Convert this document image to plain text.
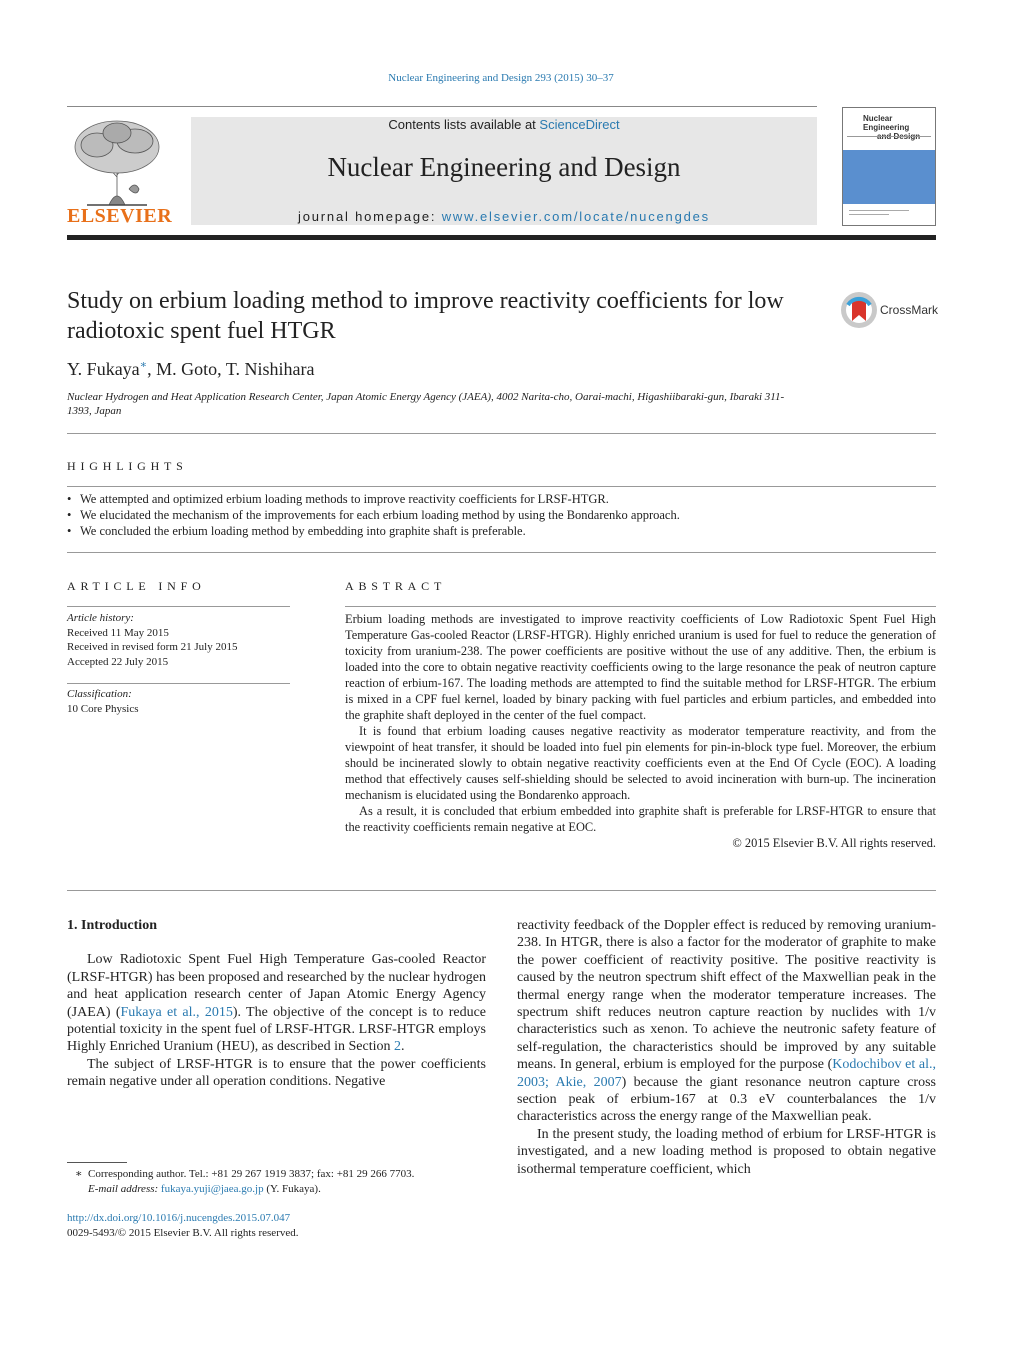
Nuclear Engineering and Design 293 (2015) 30–37
ELSEVIER
Contents lists available at ScienceDirect
Nuclear Engineering and Design
journal homepage: www.elsevier.com/locate/nucengdes
Nuclear Engineering
Study on erbium loading method to improve reactivity coefficients for low radiotoxic spent fuel HTGR
CrossMark
Y. Fukaya∗, M. Goto, T. Nishihara
Nuclear Hydrogen and Heat Application Research Center, Japan Atomic Energy Agency (JAEA), 4002 Narita-cho, Oarai-machi, Higashiibaraki-gun, Ibaraki 311-1393, Japan
HIGHLIGHTS
• We attempted and optimized erbium loading methods to improve reactivity coefficients for LRSF-HTGR.
• We elucidated the mechanism of the improvements for each erbium loading method by using the Bondarenko approach.
• We concluded the erbium loading method by embedding into graphite shaft is preferable.
ARTICLE INFO
Article history:
Received 11 May 2015
Received in revised form 21 July 2015
Accepted 22 July 2015
Classification:
10 Core Physics
ABSTRACT

Erbium loading methods are investigated to improve reactivity coefficients of Low Radiotoxic Spent Fuel High Temperature Gas-cooled Reactor (LRSF-HTGR). Highly enriched uranium is used for fuel to reduce the generation of toxicity from uranium-238. The power coefficients are positive without the use of any additive. Then, the erbium is loaded into the core to obtain negative reactivity coefficients owing to the large resonance the peak of neutron capture reaction of erbium-167. The loading methods are attempted to find the suitable method for LRSF-HTGR. The erbium is mixed in a CPF fuel kernel, loaded by binary packing with fuel particles and erbium particles, and embedded into the graphite shaft deployed in the center of the fuel compact.

It is found that erbium loading causes negative reactivity as moderator temperature reactivity, and from the viewpoint of heat transfer, it should be loaded into fuel pin elements for pin-in-block type fuel. Moreover, the erbium should be incinerated slowly to obtain negative reactivity coefficients even at the End Of Cycle (EOC). A loading method that effectively causes self-shielding should be selected to avoid incineration with burn-up. The incineration mechanism is elucidated using the Bondarenko approach.

As a result, it is concluded that erbium embedded into graphite shaft is preferable for LRSF-HTGR to ensure that the reactivity coefficients remain negative at EOC.

© 2015 Elsevier B.V. All rights reserved.

1. Introduction

Low Radiotoxic Spent Fuel High Temperature Gas-cooled Reactor (LRSF-HTGR) has been proposed and researched by the nuclear hydrogen and heat application research center of Japan Atomic Energy Agency (JAEA) (Fukaya et al., 2015). The objective of the concept is to reduce potential toxicity in the spent fuel of LRSF-HTGR. LRSF-HTGR employs Highly Enriched Uranium (HEU), as described in Section 2.

The subject of LRSF-HTGR is to ensure that the power coefficients remain negative under all operation conditions. Negative

reactivity feedback of the Doppler effect is reduced by removing uranium-238. In HTGR, there is also a factor for the moderator of graphite to make the power coefficient of reactivity positive. The positive reactivity is caused by the neutron spectrum shift effect of the Maxwellian peak in the thermal energy range when the moderator temperature increases. The spectrum shift reduces neutron capture reaction by nuclides with 1/v characteristics such as xenon. To achieve the neutronic safety feature of self-regulation, the characteristics should be improved by any suitable means. In general, erbium is employed for the purpose (Kodochibov et al., 2003; Akie, 2007) because the giant resonance neutron capture cross section peak of erbium-167 at 0.3 eV counterbalances the 1/v characteristics across the energy range of the Maxwellian peak.

In the present study, the loading method of erbium for LRSF-HTGR is investigated, and a new loading method is proposed to obtain negative isothermal temperature coefficient, which

∗ Corresponding author. Tel.: +81 29 267 1919 3837; fax: +81 29 266 7703.
E-mail address: fukaya.yuji@jaea.go.jp (Y. Fukaya).
http://dx.doi.org/10.1016/j.nucengdes.2015.07.047
0029-5493/© 2015 Elsevier B.V. All rights reserved.
